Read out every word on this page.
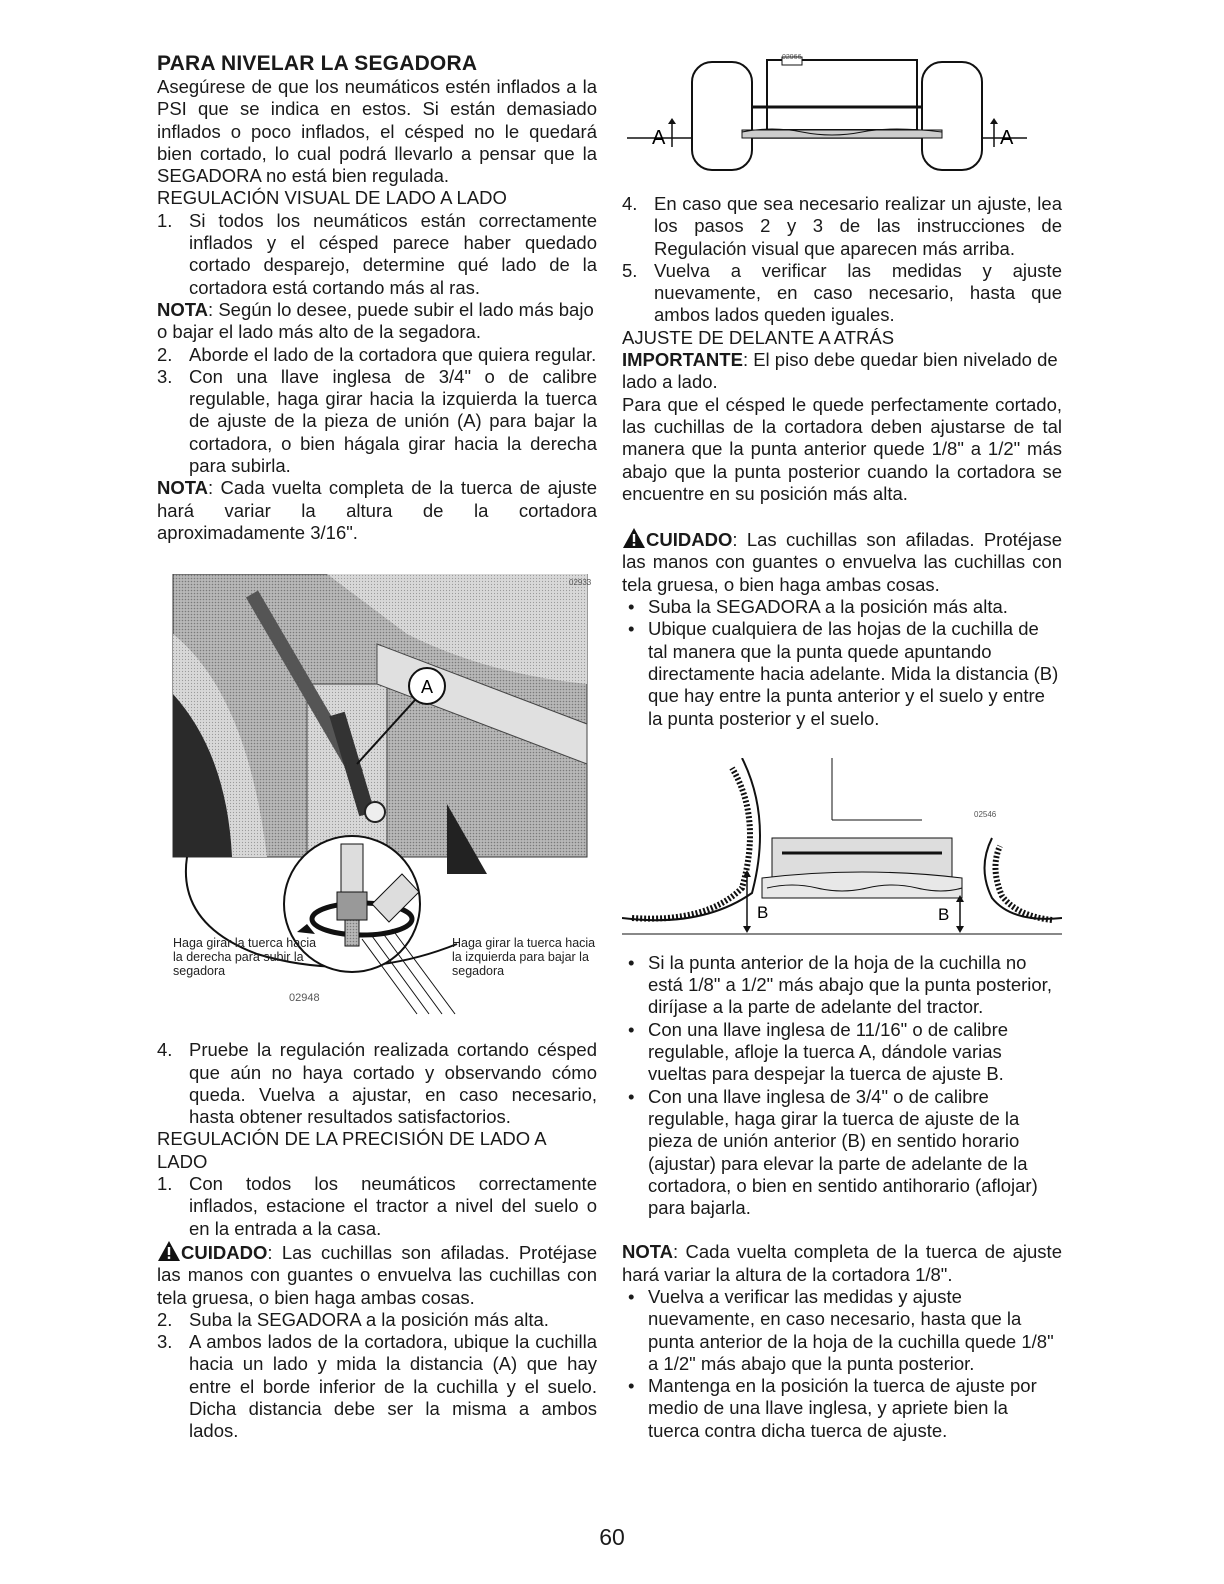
PARA NIVELAR LA SEGADORA

Asegúrese de que los neumáticos estén inflados a la PSI que se indica en estos. Si están demasiado inflados o poco inflados, el césped no le quedará bien cortado, lo cual podrá llevarlo a pensar que la SEGADORA no está bien regulada.

REGULACIÓN VISUAL DE LADO A LADO
1. Si todos los neumáticos están correctamente inflados y el césped parece haber quedado cortado desparejo, determine qué lado de la cortadora está cortando más al ras.

NOTA: Según lo desee, puede subir el lado más bajo o bajar el lado más alto de la segadora.

2. Aborde el lado de la cortadora que quiera regular.
3. Con una llave inglesa de 3/4" o de calibre regulable, haga girar hacia la izquierda la tuerca de ajuste de la pieza de unión (A) para bajar la cortadora, o bien hágala girar hacia la derecha para subirla.

NOTA: Cada vuelta completa de la tuerca de ajuste hará variar la altura de la cortadora aproximadamente 3/16".

A
02933
Haga girar la tuerca hacia la derecha para subir la segadora
02948
Haga girar la tuerca hacia la izquierda para bajar la segadora
4. Pruebe la regulación realizada cortando césped que aún no haya cortado y observando cómo queda. Vuelva a ajustar, en caso necesario, hasta obtener resultados satisfactorios.
REGULACIÓN DE LA PRECISIÓN DE LADO A LADO
1. Con todos los neumáticos correctamente inflados, estacione el tractor a nivel del suelo o en la entrada a la casa.

CUIDADO: Las cuchillas son afiladas. Protéjase las manos con guantes o envuelva las cuchillas con tela gruesa, o bien haga ambas cosas.

2. Suba la SEGADORA a la posición más alta.
3. A ambos lados de la cortadora, ubique la cuchilla hacia un lado y mida la distancia (A) que hay entre el borde inferior de la cuchilla y el suelo. Dicha distancia debe ser la misma a ambos lados.
A	A
02966
4. En caso que sea necesario realizar un ajuste, lea los pasos 2 y 3 de las instrucciones de Regulación visual que aparecen más arriba.
5. Vuelva a verificar las medidas y ajuste nuevamente, en caso necesario, hasta que ambos lados queden iguales.
AJUSTE DE DELANTE A ATRÁS

IMPORTANTE: El piso debe quedar bien nivelado de lado a lado.

Para que el césped le quede perfectamente cortado, las cuchillas de la cortadora deben ajustarse de tal manera que la punta anterior quede 1/8" a 1/2" más abajo que la punta posterior cuando la cortadora se encuentre en su posición más alta.

CUIDADO: Las cuchillas son afiladas. Protéjase las manos con guantes o envuelva las cuchillas con tela gruesa, o bien haga ambas cosas.

• Suba la SEGADORA a la posición más alta.
• Ubique cualquiera de las hojas de la cuchilla de tal manera que la punta quede apuntando directamente hacia adelante. Mida la distancia (B) que hay entre la punta anterior y el suelo y entre la punta posterior y el suelo.
B	B
02546
• Si la punta anterior de la hoja de la cuchilla no está 1/8" a 1/2" más abajo que la punta posterior, diríjase a la parte de adelante del tractor.
• Con una llave inglesa de 11/16" o de calibre regulable, afloje la tuerca A, dándole varias vueltas para despejar la tuerca de ajuste B.
• Con una llave inglesa de 3/4" o de calibre regulable, haga girar la tuerca de ajuste de la pieza de unión anterior (B) en sentido horario (ajustar) para elevar la parte de adelante de la cortadora, o bien en sentido antihorario (aflojar) para bajarla.

NOTA: Cada vuelta completa de la tuerca de ajuste hará variar la altura de la cortadora 1/8".

• Vuelva a verificar las medidas y ajuste nuevamente, en caso necesario, hasta que la punta anterior de la hoja de la cuchilla quede 1/8" a 1/2" más abajo que la punta posterior.
• Mantenga en la posición la tuerca de ajuste por medio de una llave inglesa, y apriete bien la tuerca contra dicha tuerca de ajuste.
60
